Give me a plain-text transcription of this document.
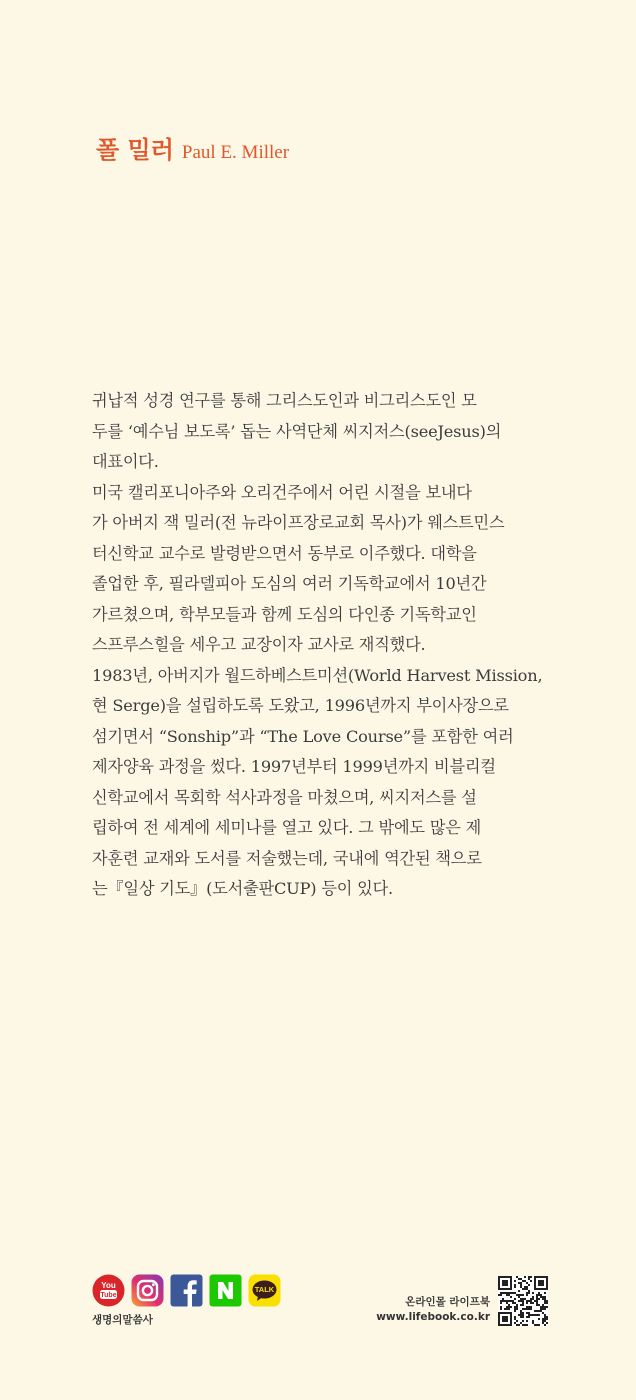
폴 밀러 Paul E. Miller
귀납적 성경 연구를 통해 그리스도인과 비그리스도인 모
두를 ‘예수님 보도록’ 돕는 사역단체 씨지저스(seeJesus)의
대표이다.
미국 캘리포니아주와 오리건주에서 어린 시절을 보내다
가 아버지 잭 밀러(전 뉴라이프장로교회 목사)가 웨스트민스
터신학교 교수로 발령받으면서 동부로 이주했다. 대학을
졸업한 후, 필라델피아 도심의 여러 기독학교에서 10년간
가르쳤으며, 학부모들과 함께 도심의 다인종 기독학교인
스프루스힐을 세우고 교장이자 교사로 재직했다.
1983년, 아버지가 월드하베스트미션(World Harvest Mission,
현 Serge)을 설립하도록 도왔고, 1996년까지 부이사장으로
섬기면서 “Sonship”과 “The Love Course”를 포함한 여러
제자양육 과정을 썼다. 1997년부터 1999년까지 비블리컬
신학교에서 목회학 석사과정을 마쳤으며, 씨지저스를 설
립하여 전 세계에 세미나를 열고 있다. 그 밖에도 많은 제
자훈련 교재와 도서를 저술했는데, 국내에 역간된 책으로
는『일상 기도』(도서출판CUP) 등이 있다.
You
Tube
TALK
생명의말씀사
온라인몰 라이프북
www.lifebook.co.kr
